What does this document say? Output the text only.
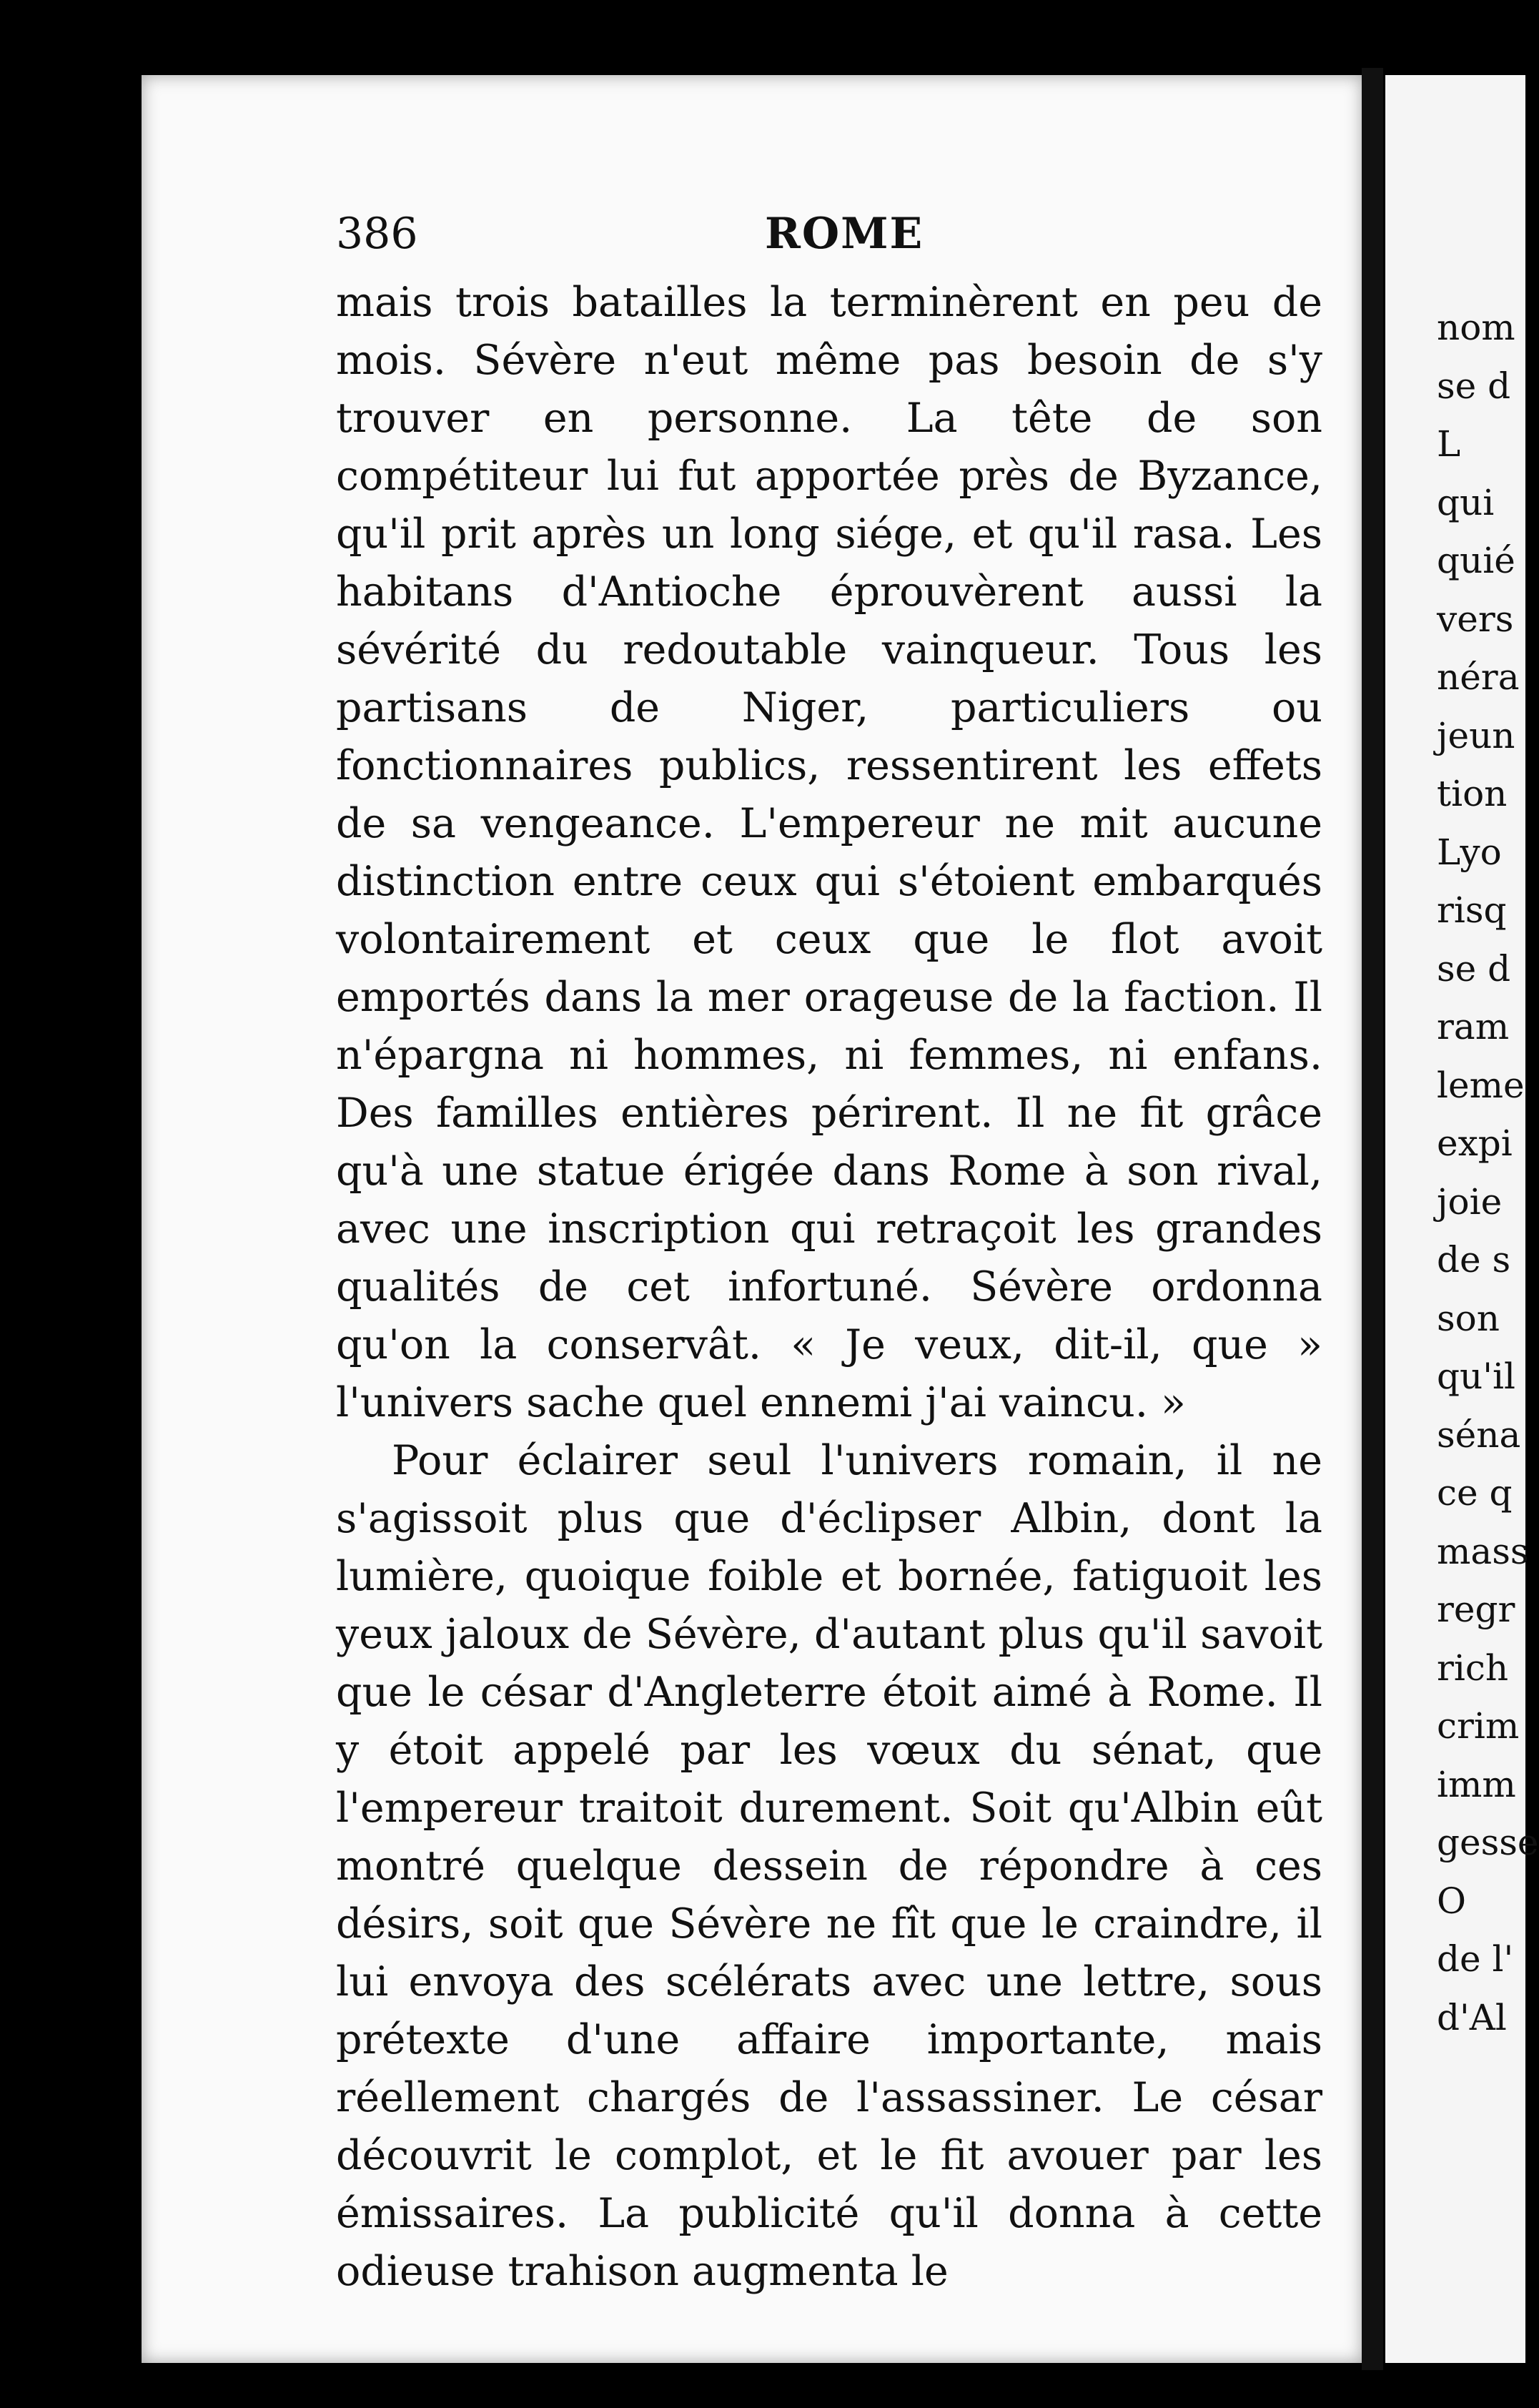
386	ROME

mais trois batailles la terminèrent en peu de mois. Sévère n'eut même pas besoin de s'y trouver en personne. La tête de son compétiteur lui fut apportée près de Byzance, qu'il prit après un long siége, et qu'il rasa. Les habitans d'Antioche éprouvèrent aussi la sévérité du redoutable vainqueur. Tous les partisans de Niger, particuliers ou fonctionnaires publics, ressentirent les effets de sa vengeance. L'empereur ne mit aucune distinction entre ceux qui s'étoient embarqués volontairement et ceux que le flot avoit emportés dans la mer orageuse de la faction. Il n'épargna ni hommes, ni femmes, ni enfans. Des familles entières périrent. Il ne fit grâce qu'à une statue érigée dans Rome à son rival, avec une inscription qui retraçoit les grandes qualités de cet infortuné. Sévère ordonna qu'on la conservât. « Je veux, dit-il, que » l'univers sache quel ennemi j'ai vaincu. »

Pour éclairer seul l'univers romain, il ne s'agissoit plus que d'éclipser Albin, dont la lumière, quoique foible et bornée, fatiguoit les yeux jaloux de Sévère, d'autant plus qu'il savoit que le césar d'Angleterre étoit aimé à Rome. Il y étoit appelé par les vœux du sénat, que l'empereur traitoit durement. Soit qu'Albin eût montré quelque dessein de répondre à ces désirs, soit que Sévère ne fît que le craindre, il lui envoya des scélérats avec une lettre, sous prétexte d'une affaire importante, mais réellement chargés de l'assassiner. Le césar découvrit le complot, et le fit avouer par les émissaires. La publicité qu'il donna à cette odieuse trahison augmenta le

nom
se d
L
qui
quié
vers
néra
jeun
tion
Lyo
risq
se d
ram
leme
expi
joie
de s
son
qu'il
séna
ce q
mass
regr
rich
crim
imm
gesse
O
de l'
d'Al
